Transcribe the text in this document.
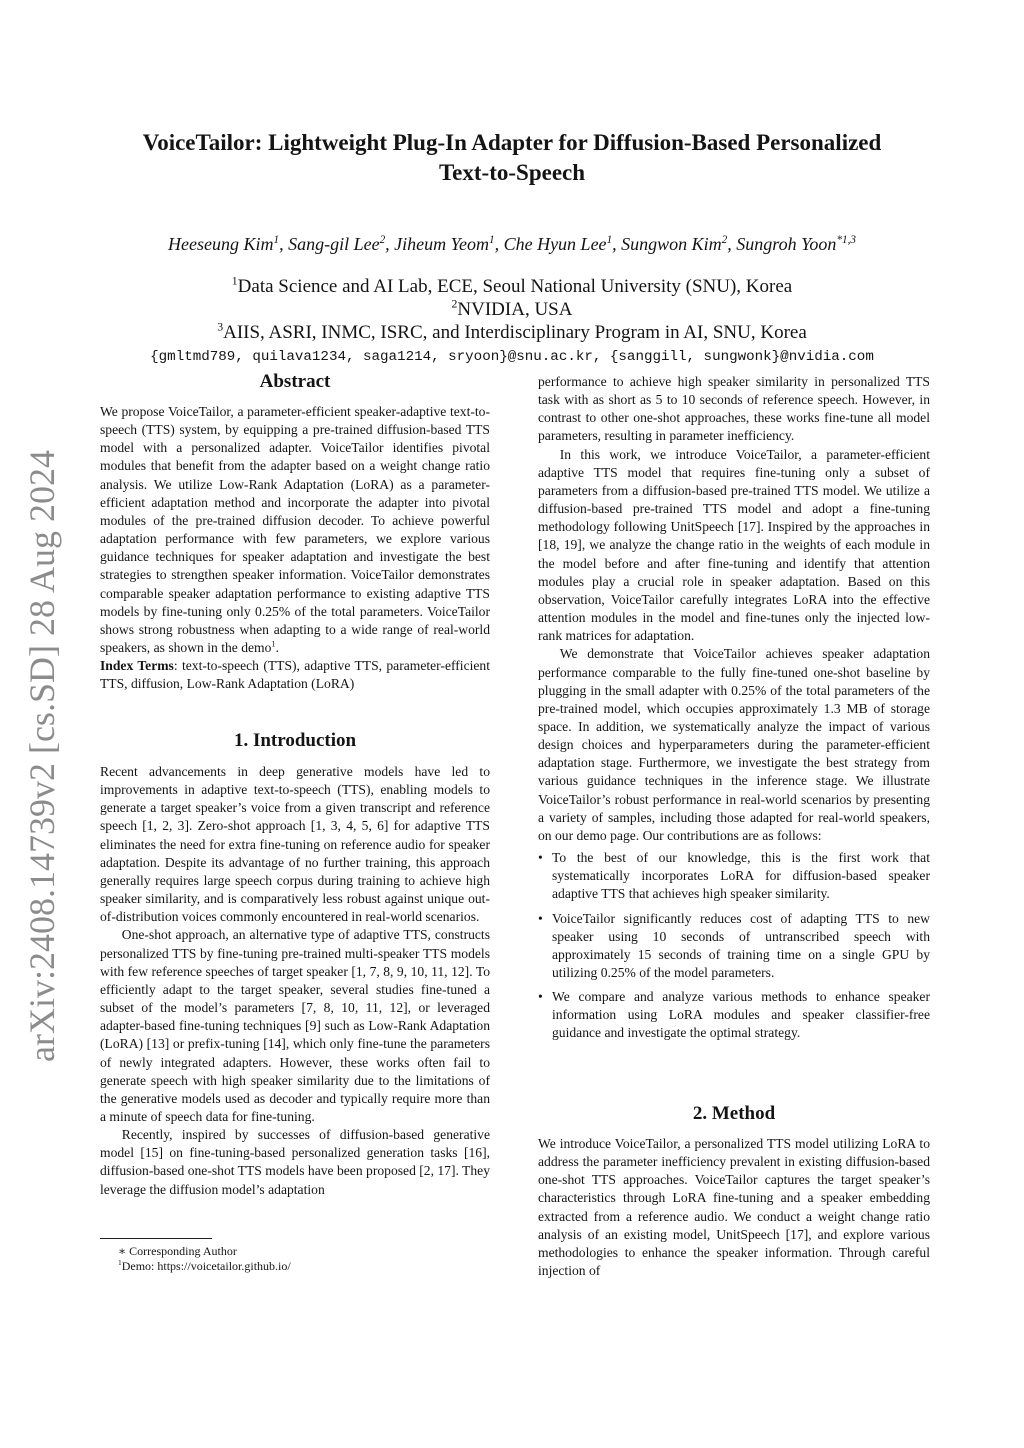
arXiv:2408.14739v2 [cs.SD] 28 Aug 2024
VoiceTailor: Lightweight Plug-In Adapter for Diffusion-Based Personalized
Text-to-Speech
Heeseung Kim$^1$, Sang-gil Lee$^2$, Jiheum Yeom$^1$, Che Hyun Lee$^1$, Sungwon Kim$^2$, Sungroh Yoon$^{*1,3}$
$^1$Data Science and AI Lab, ECE, Seoul National University (SNU), Korea
$^2$NVIDIA, USA
$^3$AIIS, ASRI, INMC, ISRC, and Interdisciplinary Program in AI, SNU, Korea
{gmltmd789, quilava1234, saga1214, sryoon}@snu.ac.kr, {sanggill, sungwonk}@nvidia.com
Abstract

We propose VoiceTailor, a parameter-efficient speaker-adaptive text-to-speech (TTS) system, by equipping a pre-trained diffusion-based TTS model with a personalized adapter. VoiceTailor identifies pivotal modules that benefit from the adapter based on a weight change ratio analysis. We utilize Low-Rank Adaptation (LoRA) as a parameter-efficient adaptation method and incorporate the adapter into pivotal modules of the pre-trained diffusion decoder. To achieve powerful adaptation performance with few parameters, we explore various guidance techniques for speaker adaptation and investigate the best strategies to strengthen speaker information. VoiceTailor demonstrates comparable speaker adaptation performance to existing adaptive TTS models by fine-tuning only 0.25% of the total parameters. VoiceTailor shows strong robustness when adapting to a wide range of real-world speakers, as shown in the demo$^1$.

Index Terms: text-to-speech (TTS), adaptive TTS, parameter-efficient TTS, diffusion, Low-Rank Adaptation (LoRA)

1. Introduction

Recent advancements in deep generative models have led to improvements in adaptive text-to-speech (TTS), enabling models to generate a target speaker’s voice from a given transcript and reference speech [1, 2, 3]. Zero-shot approach [1, 3, 4, 5, 6] for adaptive TTS eliminates the need for extra fine-tuning on reference audio for speaker adaptation. Despite its advantage of no further training, this approach generally requires large speech corpus during training to achieve high speaker similarity, and is comparatively less robust against unique out-of-distribution voices commonly encountered in real-world scenarios.

One-shot approach, an alternative type of adaptive TTS, constructs personalized TTS by fine-tuning pre-trained multi-speaker TTS models with few reference speeches of target speaker [1, 7, 8, 9, 10, 11, 12]. To efficiently adapt to the target speaker, several studies fine-tuned a subset of the model’s parameters [7, 8, 10, 11, 12], or leveraged adapter-based fine-tuning techniques [9] such as Low-Rank Adaptation (LoRA) [13] or prefix-tuning [14], which only fine-tune the parameters of newly integrated adapters. However, these works often fail to generate speech with high speaker similarity due to the limitations of the generative models used as decoder and typically require more than a minute of speech data for fine-tuning.

Recently, inspired by successes of diffusion-based generative model [15] on fine-tuning-based personalized generation tasks [16], diffusion-based one-shot TTS models have been proposed [2, 17]. They leverage the diffusion model’s adaptation

∗ Corresponding Author
$^1$Demo: https://voicetailor.github.io/

performance to achieve high speaker similarity in personalized TTS task with as short as 5 to 10 seconds of reference speech. However, in contrast to other one-shot approaches, these works fine-tune all model parameters, resulting in parameter inefficiency.

In this work, we introduce VoiceTailor, a parameter-efficient adaptive TTS model that requires fine-tuning only a subset of parameters from a diffusion-based pre-trained TTS model. We utilize a diffusion-based pre-trained TTS model and adopt a fine-tuning methodology following UnitSpeech [17]. Inspired by the approaches in [18, 19], we analyze the change ratio in the weights of each module in the model before and after fine-tuning and identify that attention modules play a crucial role in speaker adaptation. Based on this observation, VoiceTailor carefully integrates LoRA into the effective attention modules in the model and fine-tunes only the injected low-rank matrices for adaptation.

We demonstrate that VoiceTailor achieves speaker adaptation performance comparable to the fully fine-tuned one-shot baseline by plugging in the small adapter with 0.25% of the total parameters of the pre-trained model, which occupies approximately 1.3 MB of storage space. In addition, we systematically analyze the impact of various design choices and hyperparameters during the parameter-efficient adaptation stage. Furthermore, we investigate the best strategy from various guidance techniques in the inference stage. We illustrate VoiceTailor’s robust performance in real-world scenarios by presenting a variety of samples, including those adapted for real-world speakers, on our demo page. Our contributions are as follows:

• To the best of our knowledge, this is the first work that systematically incorporates LoRA for diffusion-based speaker adaptive TTS that achieves high speaker similarity.
• VoiceTailor significantly reduces cost of adapting TTS to new speaker using 10 seconds of untranscribed speech with approximately 15 seconds of training time on a single GPU by utilizing 0.25% of the model parameters.
• We compare and analyze various methods to enhance speaker information using LoRA modules and speaker classifier-free guidance and investigate the optimal strategy.
2. Method

We introduce VoiceTailor, a personalized TTS model utilizing LoRA to address the parameter inefficiency prevalent in existing diffusion-based one-shot TTS approaches. VoiceTailor captures the target speaker’s characteristics through LoRA fine-tuning and a speaker embedding extracted from a reference audio. We conduct a weight change ratio analysis of an existing model, UnitSpeech [17], and explore various methodologies to enhance the speaker information. Through careful injection of
